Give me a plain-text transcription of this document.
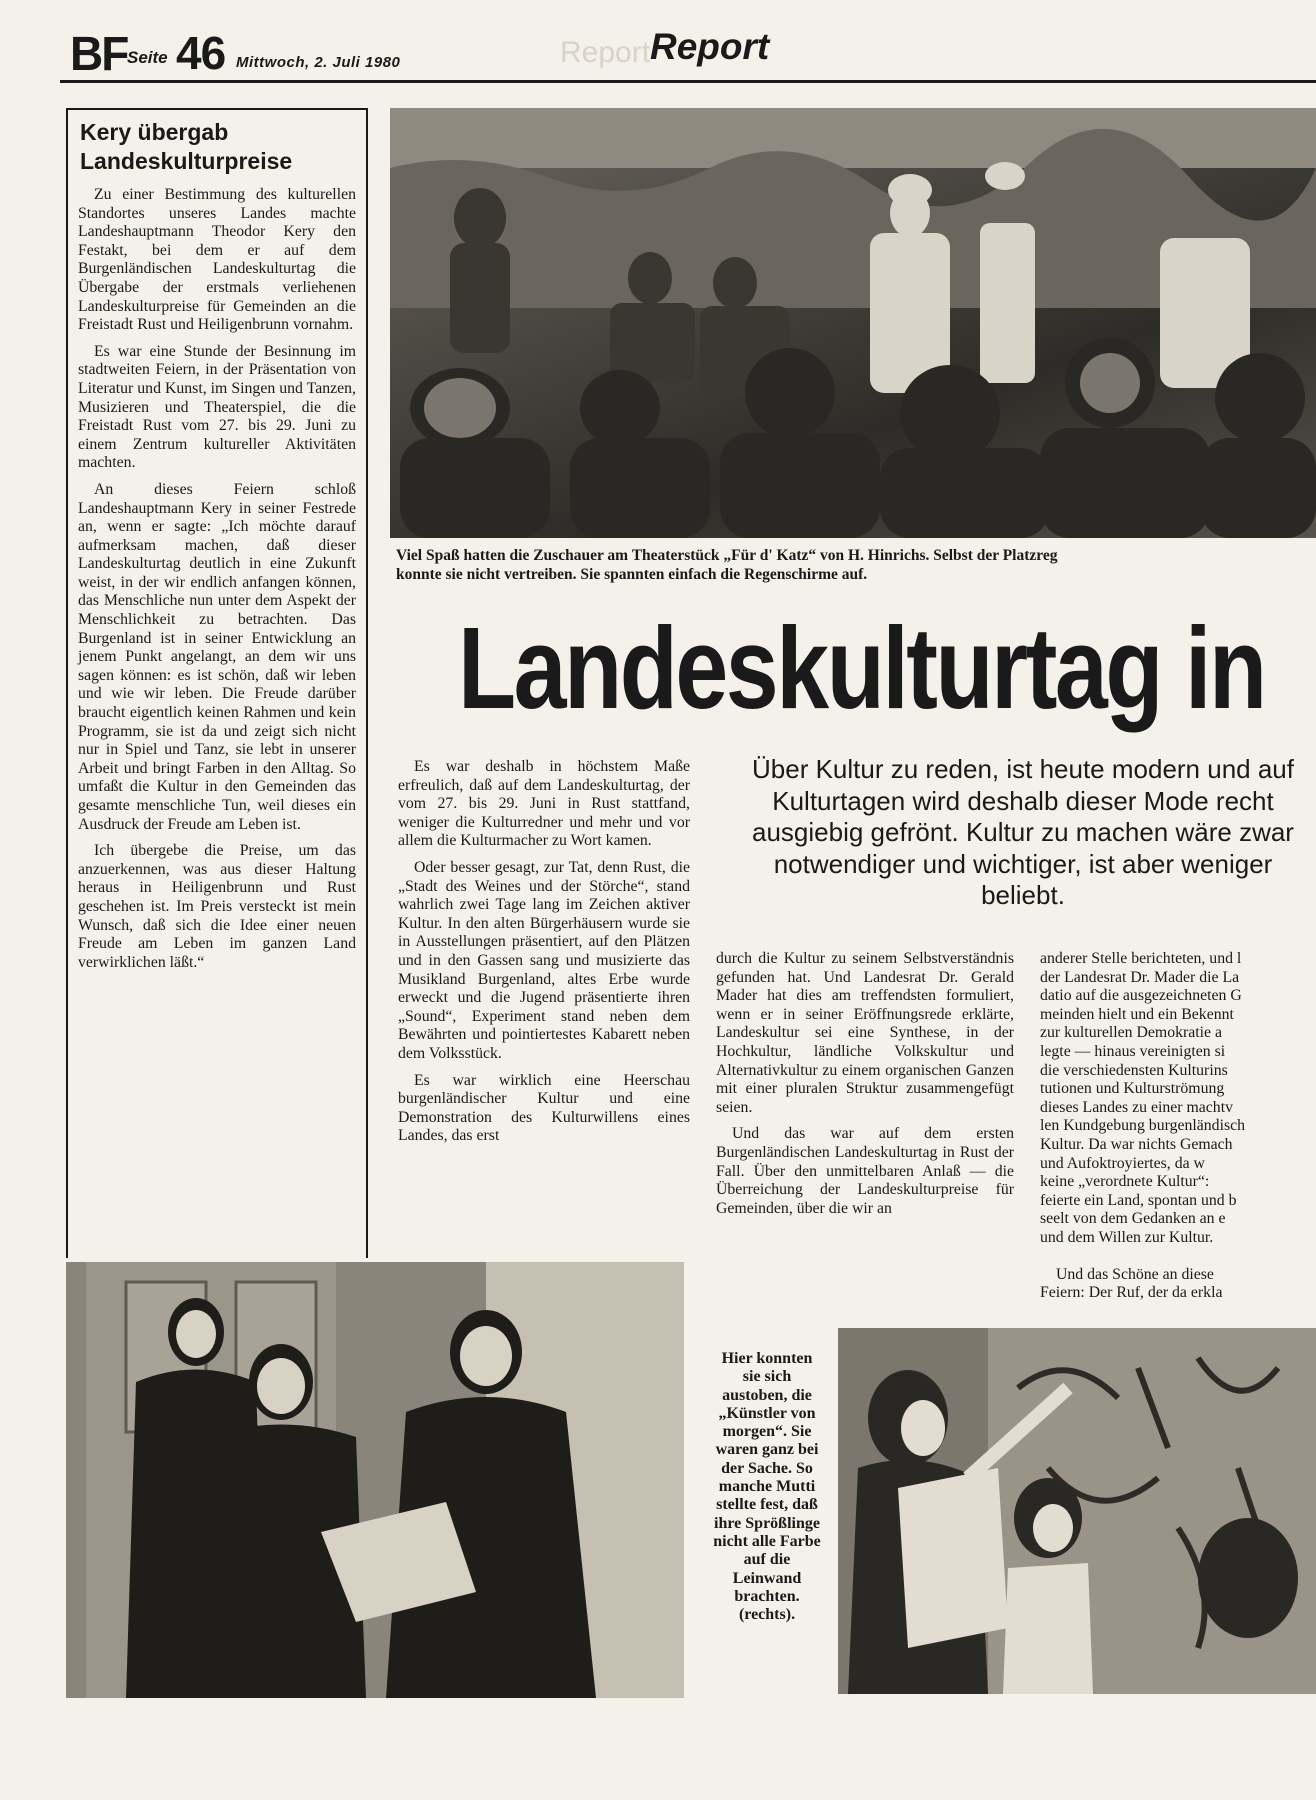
Report
BF Seite 46 Mittwoch, 2. Juli 1980	Report
Kery übergab Landeskulturpreise

Zu einer Bestimmung des kulturellen Standortes unseres Landes machte Landeshauptmann Theodor Kery den Festakt, bei dem er auf dem Burgenländischen Landeskulturtag die Übergabe der erstmals verliehenen Landeskulturpreise für Gemeinden an die Freistadt Rust und Heiligenbrunn vornahm.

Es war eine Stunde der Besinnung im stadtweiten Feiern, in der Präsentation von Literatur und Kunst, im Singen und Tanzen, Musizieren und Theaterspiel, die die Freistadt Rust vom 27. bis 29. Juni zu einem Zentrum kultureller Aktivitäten machten.

An dieses Feiern schloß Landeshauptmann Kery in seiner Festrede an, wenn er sagte: „Ich möchte darauf aufmerksam machen, daß dieser Landeskulturtag deutlich in eine Zukunft weist, in der wir endlich anfangen können, das Menschliche nun unter dem Aspekt der Menschlichkeit zu betrachten. Das Burgenland ist in seiner Entwicklung an jenem Punkt angelangt, an dem wir uns sagen können: es ist schön, daß wir leben und wie wir leben. Die Freude darüber braucht eigentlich keinen Rahmen und kein Programm, sie ist da und zeigt sich nicht nur in Spiel und Tanz, sie lebt in unserer Arbeit und bringt Farben in den Alltag. So umfaßt die Kultur in den Gemeinden das gesamte menschliche Tun, weil dieses ein Ausdruck der Freude am Leben ist.

Ich übergebe die Preise, um das anzuerkennen, was aus dieser Haltung heraus in Heiligenbrunn und Rust geschehen ist. Im Preis versteckt ist mein Wunsch, daß sich die Idee einer neuen Freude am Leben im ganzen Land verwirklichen läßt.“

Viel Spaß hatten die Zuschauer am Theaterstück „Für d' Katz“ von H. Hinrichs. Selbst der Platzreg
konnte sie nicht vertreiben. Sie spannten einfach die Regenschirme auf.
Landeskulturtag in
Über Kultur zu reden, ist heute modern und auf Kulturtagen wird deshalb dieser Mode recht ausgiebig gefrönt. Kultur zu machen wäre zwar notwendiger und wichtiger, ist aber weniger beliebt.

Es war deshalb in höchstem Maße erfreulich, daß auf dem Landeskulturtag, der vom 27. bis 29. Juni in Rust stattfand, weniger die Kulturredner und mehr und vor allem die Kulturmacher zu Wort kamen.

Oder besser gesagt, zur Tat, denn Rust, die „Stadt des Weines und der Störche“, stand wahrlich zwei Tage lang im Zeichen aktiver Kultur. In den alten Bürgerhäusern wurde sie in Ausstellungen präsentiert, auf den Plätzen und in den Gassen sang und musizierte das Musikland Burgenland, altes Erbe wurde erweckt und die Jugend präsentierte ihren „Sound“, Experiment stand neben dem Bewährten und pointiertestes Kabarett neben dem Volksstück.

Es war wirklich eine Heerschau burgenländischer Kultur und eine Demonstration des Kulturwillens eines Landes, das erst

durch die Kultur zu seinem Selbstverständnis gefunden hat. Und Landesrat Dr. Gerald Mader hat dies am treffendsten formuliert, wenn er in seiner Eröffnungsrede erklärte, Landeskultur sei eine Synthese, in der Hochkultur, ländliche Volkskultur und Alternativkultur zu einem organischen Ganzen mit einer pluralen Struktur zusammengefügt seien.

Und das war auf dem ersten Burgenländischen Landeskulturtag in Rust der Fall. Über den unmittelbaren Anlaß — die Überreichung der Landeskulturpreise für Gemeinden, über die wir an

anderer Stelle berichteten, und l
der Landesrat Dr. Mader die La
datio auf die ausgezeichneten G
meinden hielt und ein Bekennt
zur kulturellen Demokratie a
legte — hinaus vereinigten si
die verschiedensten Kulturins
tutionen und Kulturströmung
dieses Landes zu einer machtv
len Kundgebung burgenländisch
Kultur. Da war nichts Gemach
und Aufoktroyiertes, da w
keine „verordnete Kultur“:
feierte ein Land, spontan und b
seelt von dem Gedanken an e
und dem Willen zur Kultur.
Und das Schöne an diese
Feiern: Der Ruf, der da erkla
Hier konnten sie sich austoben, die „Künstler von morgen“. Sie waren ganz bei der Sache. So manche Mutti stellte fest, daß ihre Sprößlinge nicht alle Farbe auf die Leinwand brachten. (rechts).
